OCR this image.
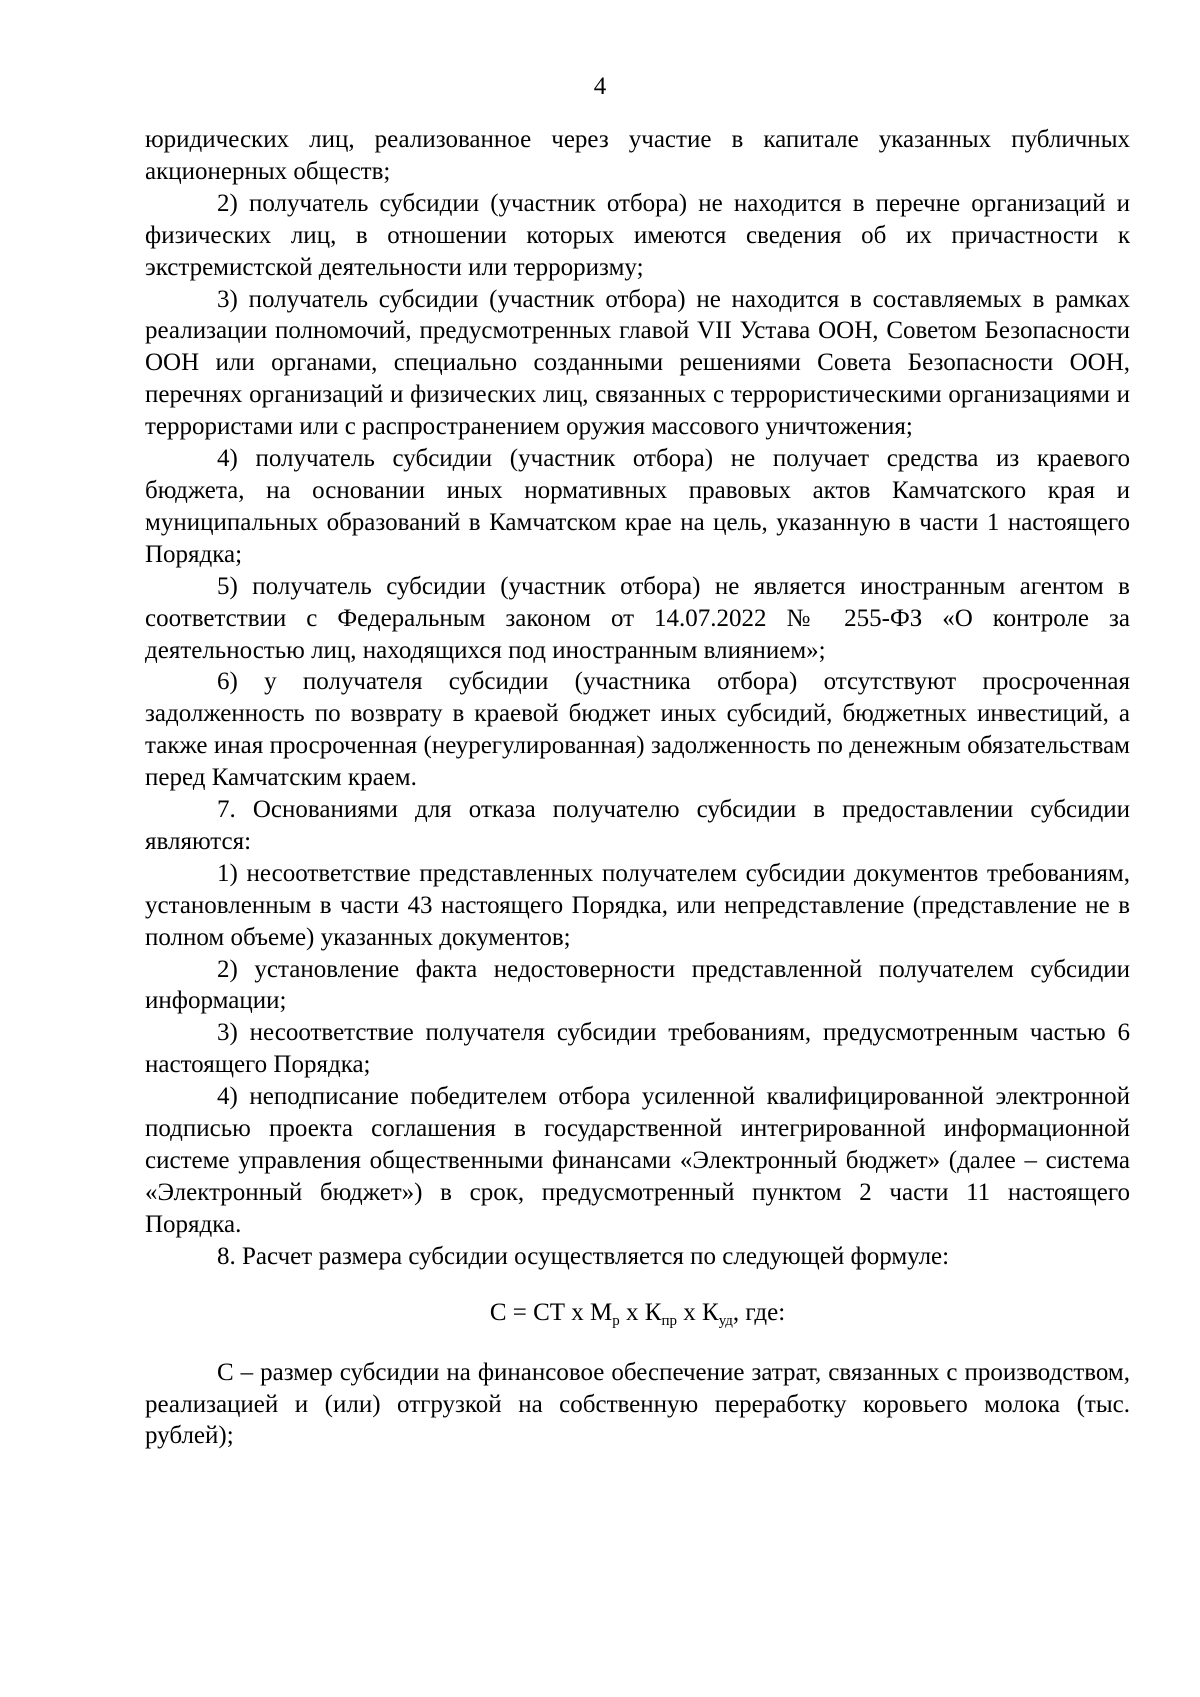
4

юридических лиц, реализованное через участие в капитале указанных публичных акционерных обществ;

2) получатель субсидии (участник отбора) не находится в перечне организаций и физических лиц, в отношении которых имеются сведения об их причастности к экстремистской деятельности или терроризму;

3) получатель субсидии (участник отбора) не находится в составляемых в рамках реализации полномочий, предусмотренных главой VII Устава ООН, Советом Безопасности ООН или органами, специально созданными решениями Совета Безопасности ООН, перечнях организаций и физических лиц, связанных с террористическими организациями и террористами или с распространением оружия массового уничтожения;

4) получатель субсидии (участник отбора) не получает средства из краевого бюджета, на основании иных нормативных правовых актов Камчатского края и муниципальных образований в Камчатском крае на цель, указанную в части 1 настоящего Порядка;

5) получатель субсидии (участник отбора) не является иностранным агентом в соответствии с Федеральным законом от 14.07.2022 № 255-ФЗ «О контроле за деятельностью лиц, находящихся под иностранным влиянием»;

6) у получателя субсидии (участника отбора) отсутствуют просроченная задолженность по возврату в краевой бюджет иных субсидий, бюджетных инвестиций, а также иная просроченная (неурегулированная) задолженность по денежным обязательствам перед Камчатским краем.

7. Основаниями для отказа получателю субсидии в предоставлении субсидии являются:

1) несоответствие представленных получателем субсидии документов требованиям, установленным в части 43 настоящего Порядка, или непредставление (представление не в полном объеме) указанных документов;

2) установление факта недостоверности представленной получателем субсидии информации;

3) несоответствие получателя субсидии требованиям, предусмотренным частью 6 настоящего Порядка;

4) неподписание победителем отбора усиленной квалифицированной электронной подписью проекта соглашения в государственной интегрированной информационной системе управления общественными финансами «Электронный бюджет» (далее – система «Электронный бюджет») в срок, предусмотренный пунктом 2 части 11 настоящего Порядка.

8. Расчет размера субсидии осуществляется по следующей формуле:

С = СТ х $М_р$ х $К_{пр}$ х $К_{уд}$, где:

С – размер субсидии на финансовое обеспечение затрат, связанных с производством, реализацией и (или) отгрузкой на собственную переработку коровьего молока (тыс. рублей);
